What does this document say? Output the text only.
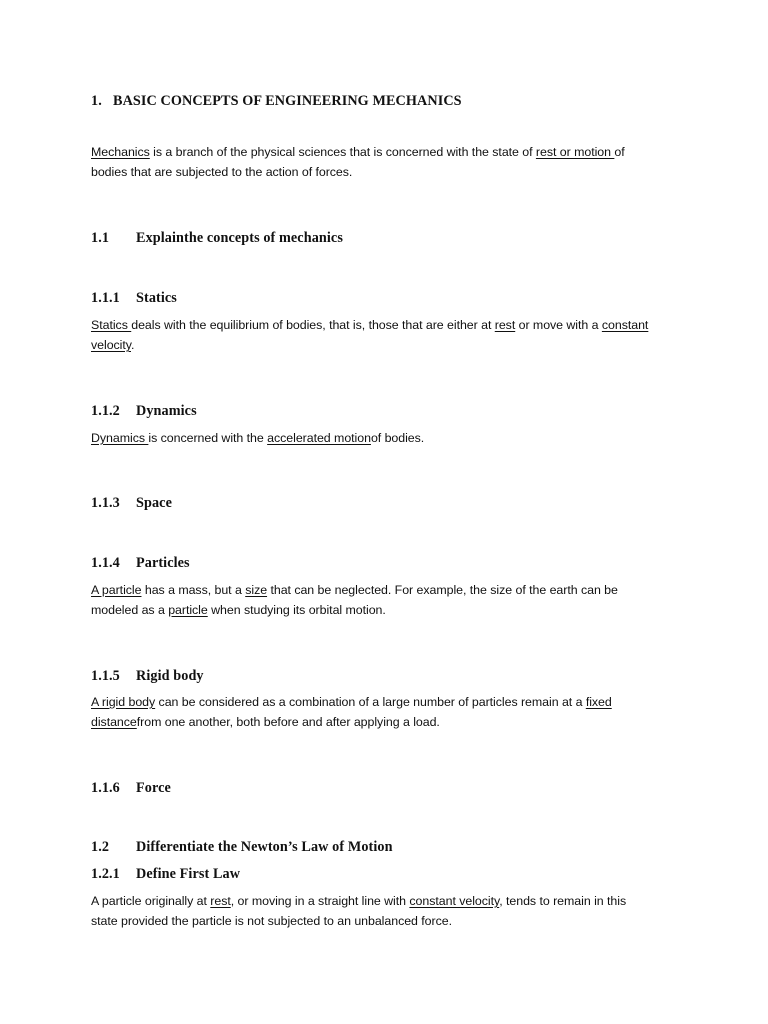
1. BASIC CONCEPTS OF ENGINEERING MECHANICS

Mechanics is a branch of the physical sciences that is concerned with the state of rest or motion of bodies that are subjected to the action of forces.

1.1 Explainthe concepts of mechanics
1.1.1 Statics

Statics deals with the equilibrium of bodies, that is, those that are either at rest or move with a constant velocity.

1.1.2 Dynamics

Dynamics is concerned with the accelerated motionof bodies.

1.1.3 Space
1.1.4 Particles

A particle has a mass, but a size that can be neglected. For example, the size of the earth can be modeled as a particle when studying its orbital motion.

1.1.5 Rigid body

A rigid body can be considered as a combination of a large number of particles remain at a fixed distancefrom one another, both before and after applying a load.

1.1.6 Force
1.2 Differentiate the Newton’s Law of Motion
1.2.1 Define First Law

A particle originally at rest, or moving in a straight line with constant velocity, tends to remain in this state provided the particle is not subjected to an unbalanced force.
